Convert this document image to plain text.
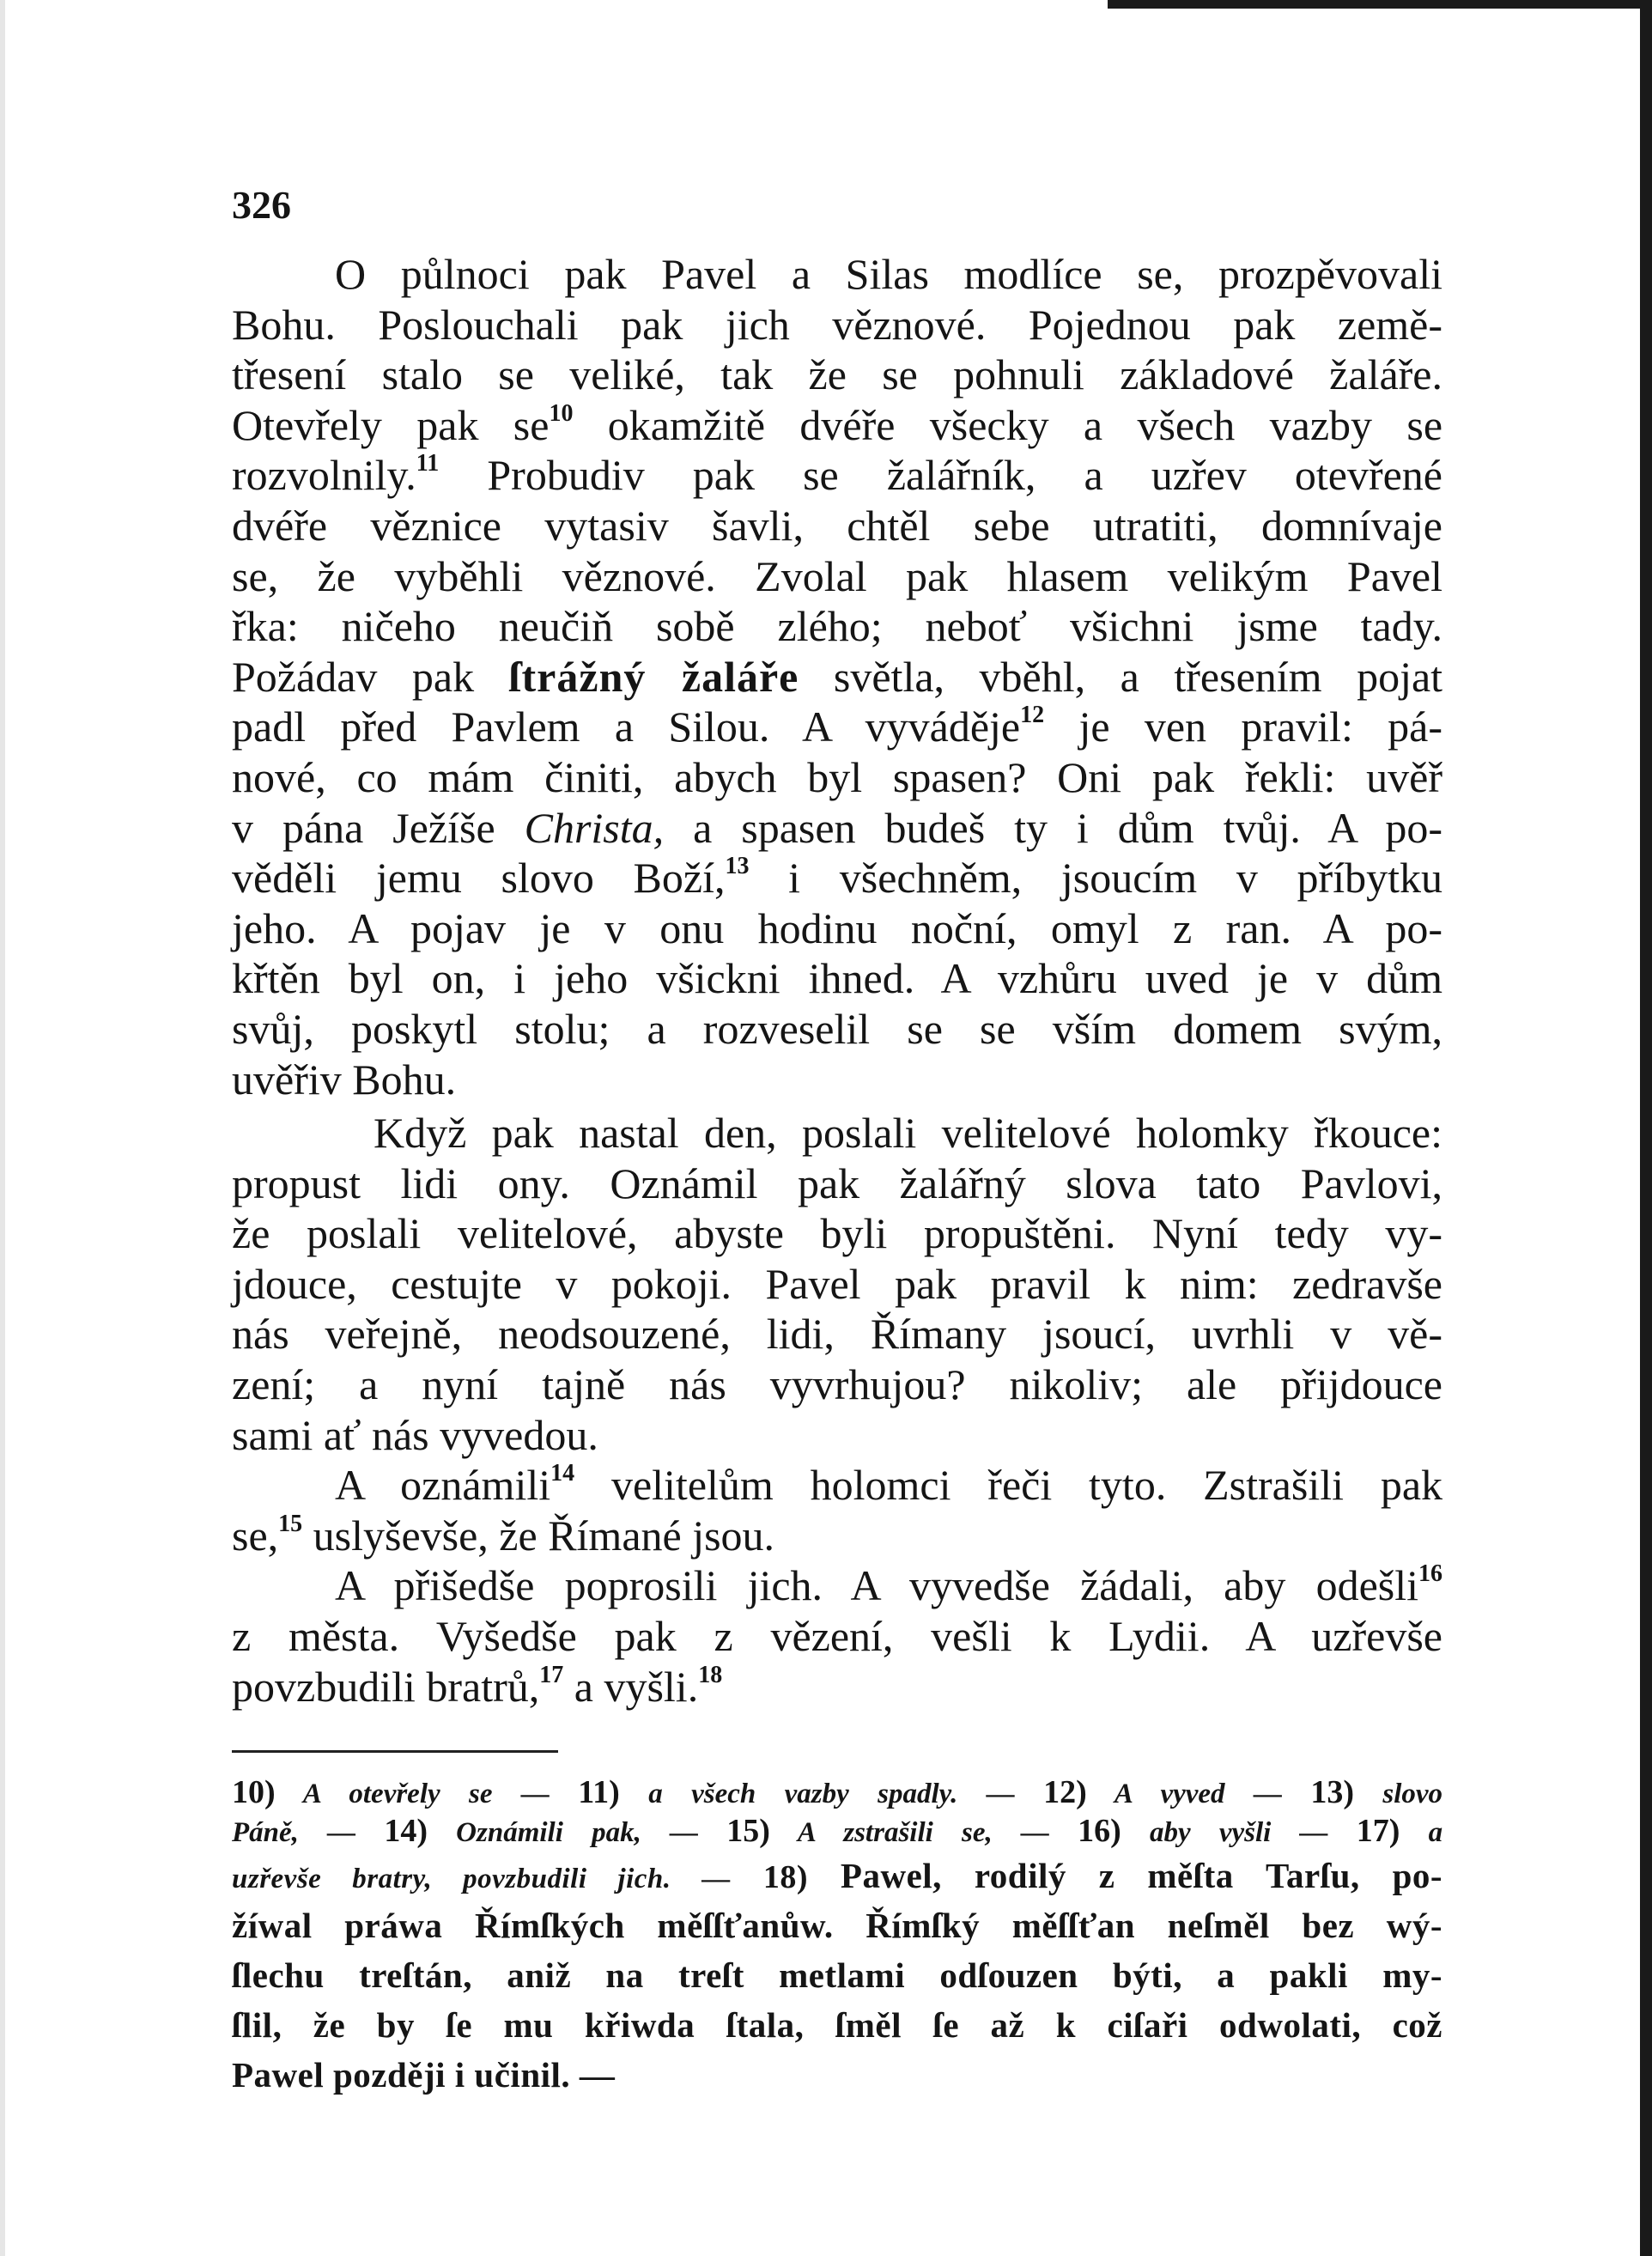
326
O půlnoci pak Pavel a Silas modlíce se, prozpěvovali
Bohu. Poslouchali pak jich věznové. Pojednou pak země-
třesení stalo se veliké, tak že se pohnuli základové žaláře.
Otevřely pak $se^{10}$ okamžitě dvéře všecky a všech vazby se
rozvolnily.$^{11}$ Probudiv pak se žalářník, a uzřev otevřené
dvéře věznice vytasiv šavli, chtěl sebe utratiti, domnívaje
se, že vyběhli věznové. Zvolal pak hlasem velikým Pavel
řka: ničeho neučiň sobě zlého; neboť všichni jsme tady.
Požádav pak ſtrážný žaláře světla, vběhl, a třesením pojat
padl před Pavlem a Silou. A vyváděje$^{12}$ je ven pravil: pá-
nové, co mám činiti, abych byl spasen? Oni pak řekli: uvěř
v pána Ježíše Christa, a spasen budeš ty i dům tvůj. A po-
věděli jemu slovo Boží,$^{13}$ i všechněm, jsoucím v příbytku
jeho. A pojav je v onu hodinu noční, omyl z ran. A po-
křtěn byl on, i jeho všickni ihned. A vzhůru uved je v dům
svůj, poskytl stolu; a rozveselil se se vším domem svým,
uvěřiv Bohu.
Když pak nastal den, poslali velitelové holomky řkouce:
propust lidi ony. Oznámil pak žalářný slova tato Pavlovi,
že poslali velitelové, abyste byli propuštěni. Nyní tedy vy-
jdouce, cestujte v pokoji. Pavel pak pravil k nim: zedravše
nás veřejně, neodsouzené, lidi, Římany jsoucí, uvrhli v vě-
zení; a nyní tajně nás vyvrhujou? nikoliv; ale přijdouce
sami ať nás vyvedou.
A oznámili$^{14}$ velitelům holomci řeči tyto. Zstrašili pak
se,$^{15}$ uslyševše, že Římané jsou.
A přišedše poprosili jich. A vyvedše žádali, aby odešli$^{16}$
z města. Vyšedše pak z vězení, vešli k Lydii. A uzřevše
povzbudili bratrů,$^{17}$ a vyšli.$^{18}$
10) A otevřely se — 11) a všech vazby spadly. — 12) A vyved — 13) slovo
Páně, — 14) Oznámili pak, — 15) A zstrašili se, — 16) aby vyšli — 17) a
uzřevše bratry, povzbudili jich. — 18) Pawel, rodilý z měſta Tarſu, po-
žíwal práwa Římſkých měſſťanůw. Římſký měſſťan neſměl bez wý-
ſlechu treſtán, aniž na treſt metlami odſouzen býti, a pakli my-
ſlil, že by ſe mu křiwda ſtala, ſměl ſe až k ciſaři odwolati, což
Pawel později i učinil. —
